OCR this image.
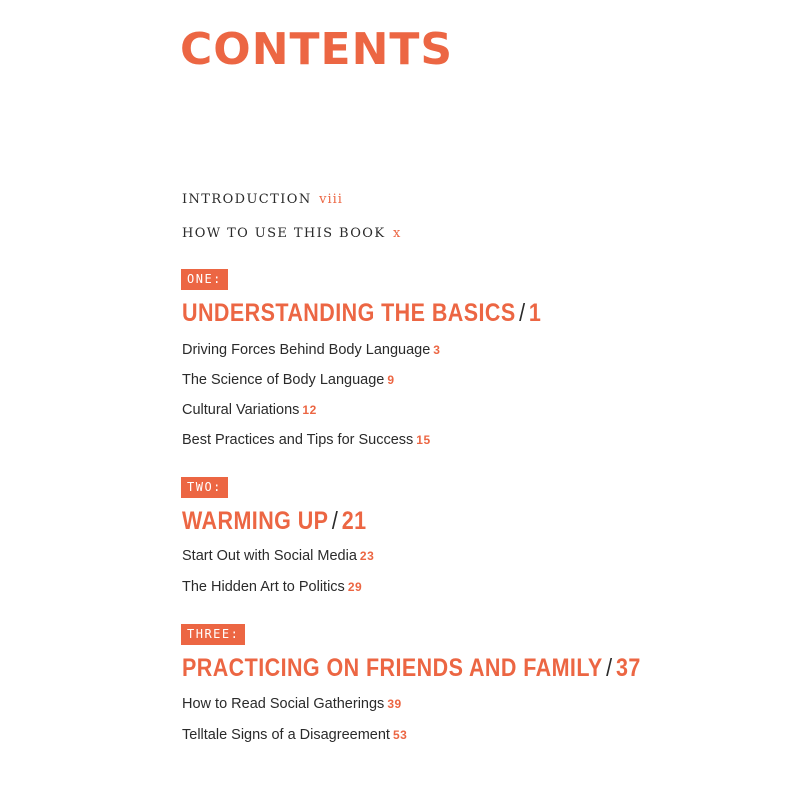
CONTENTS
INTRODUCTION viii
HOW TO USE THIS BOOK x
ONE:
UNDERSTANDING THE BASICS / 1
Driving Forces Behind Body Language 3
The Science of Body Language 9
Cultural Variations 12
Best Practices and Tips for Success 15
TWO:
WARMING UP / 21
Start Out with Social Media 23
The Hidden Art to Politics 29
THREE:
PRACTICING ON FRIENDS AND FAMILY / 37
How to Read Social Gatherings 39
Telltale Signs of a Disagreement 53
